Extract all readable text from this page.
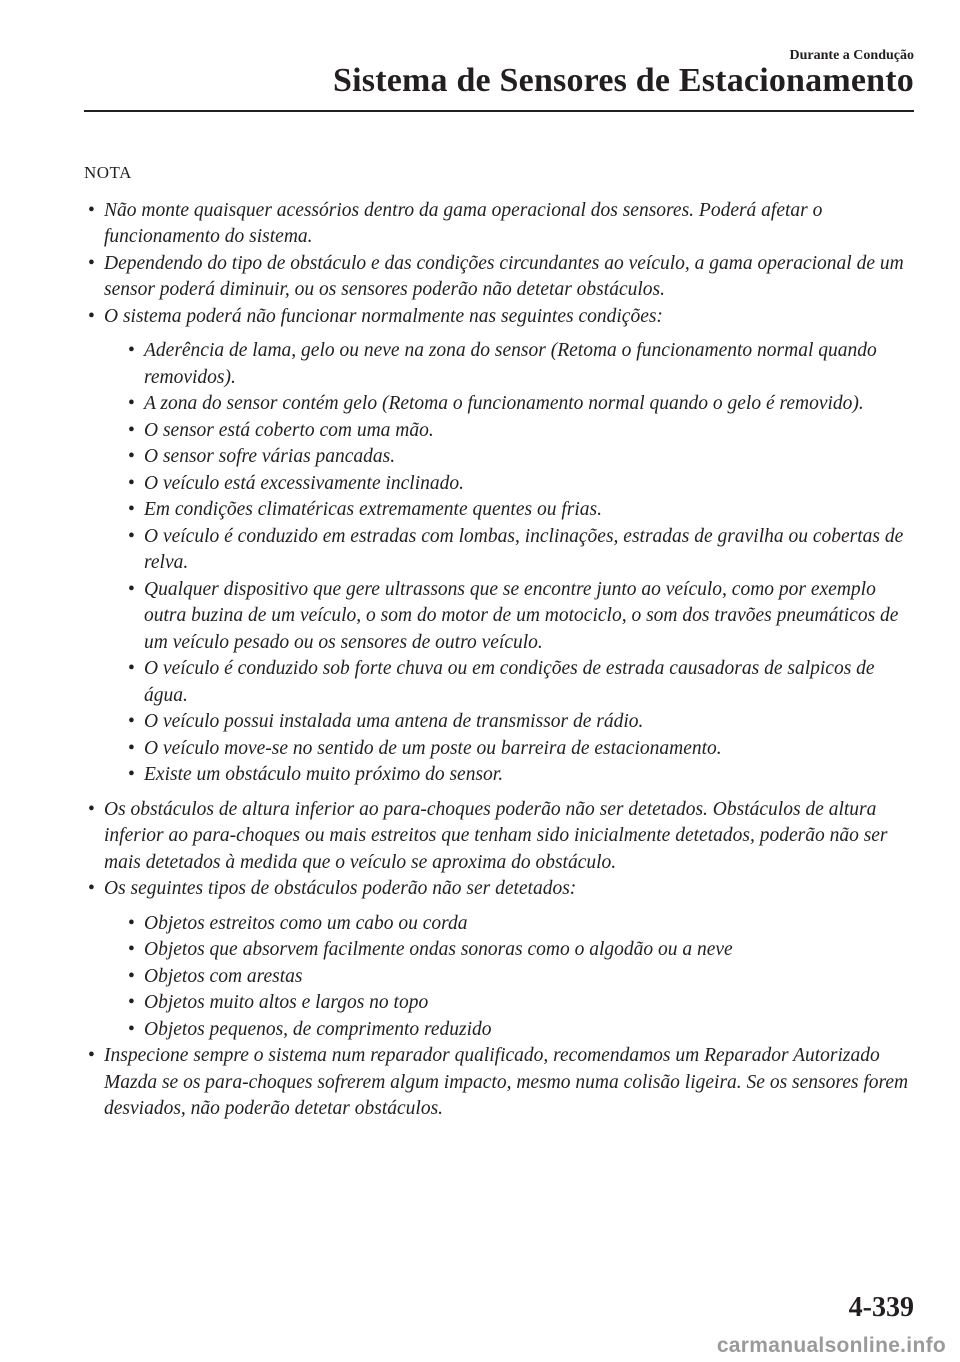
Durante a Condução
Sistema de Sensores de Estacionamento
NOTA
• Não monte quaisquer acessórios dentro da gama operacional dos sensores. Poderá afetar o funcionamento do sistema.
• Dependendo do tipo de obstáculo e das condições circundantes ao veículo, a gama operacional de um sensor poderá diminuir, ou os sensores poderão não detetar obstáculos.
• O sistema poderá não funcionar normalmente nas seguintes condições:
• Aderência de lama, gelo ou neve na zona do sensor (Retoma o funcionamento normal quando removidos).
• A zona do sensor contém gelo (Retoma o funcionamento normal quando o gelo é removido).
• O sensor está coberto com uma mão.
• O sensor sofre várias pancadas.
• O veículo está excessivamente inclinado.
• Em condições climatéricas extremamente quentes ou frias.
• O veículo é conduzido em estradas com lombas, inclinações, estradas de gravilha ou cobertas de relva.
• Qualquer dispositivo que gere ultrassons que se encontre junto ao veículo, como por exemplo outra buzina de um veículo, o som do motor de um motociclo, o som dos travões pneumáticos de um veículo pesado ou os sensores de outro veículo.
• O veículo é conduzido sob forte chuva ou em condições de estrada causadoras de salpicos de água.
• O veículo possui instalada uma antena de transmissor de rádio.
• O veículo move-se no sentido de um poste ou barreira de estacionamento.
• Existe um obstáculo muito próximo do sensor.
• Os obstáculos de altura inferior ao para-choques poderão não ser detetados. Obstáculos de altura inferior ao para-choques ou mais estreitos que tenham sido inicialmente detetados, poderão não ser mais detetados à medida que o veículo se aproxima do obstáculo.
• Os seguintes tipos de obstáculos poderão não ser detetados:
• Objetos estreitos como um cabo ou corda
• Objetos que absorvem facilmente ondas sonoras como o algodão ou a neve
• Objetos com arestas
• Objetos muito altos e largos no topo
• Objetos pequenos, de comprimento reduzido
• Inspecione sempre o sistema num reparador qualificado, recomendamos um Reparador Autorizado Mazda se os para-choques sofrerem algum impacto, mesmo numa colisão ligeira. Se os sensores forem desviados, não poderão detetar obstáculos.
4-339
carmanualsonline.info
